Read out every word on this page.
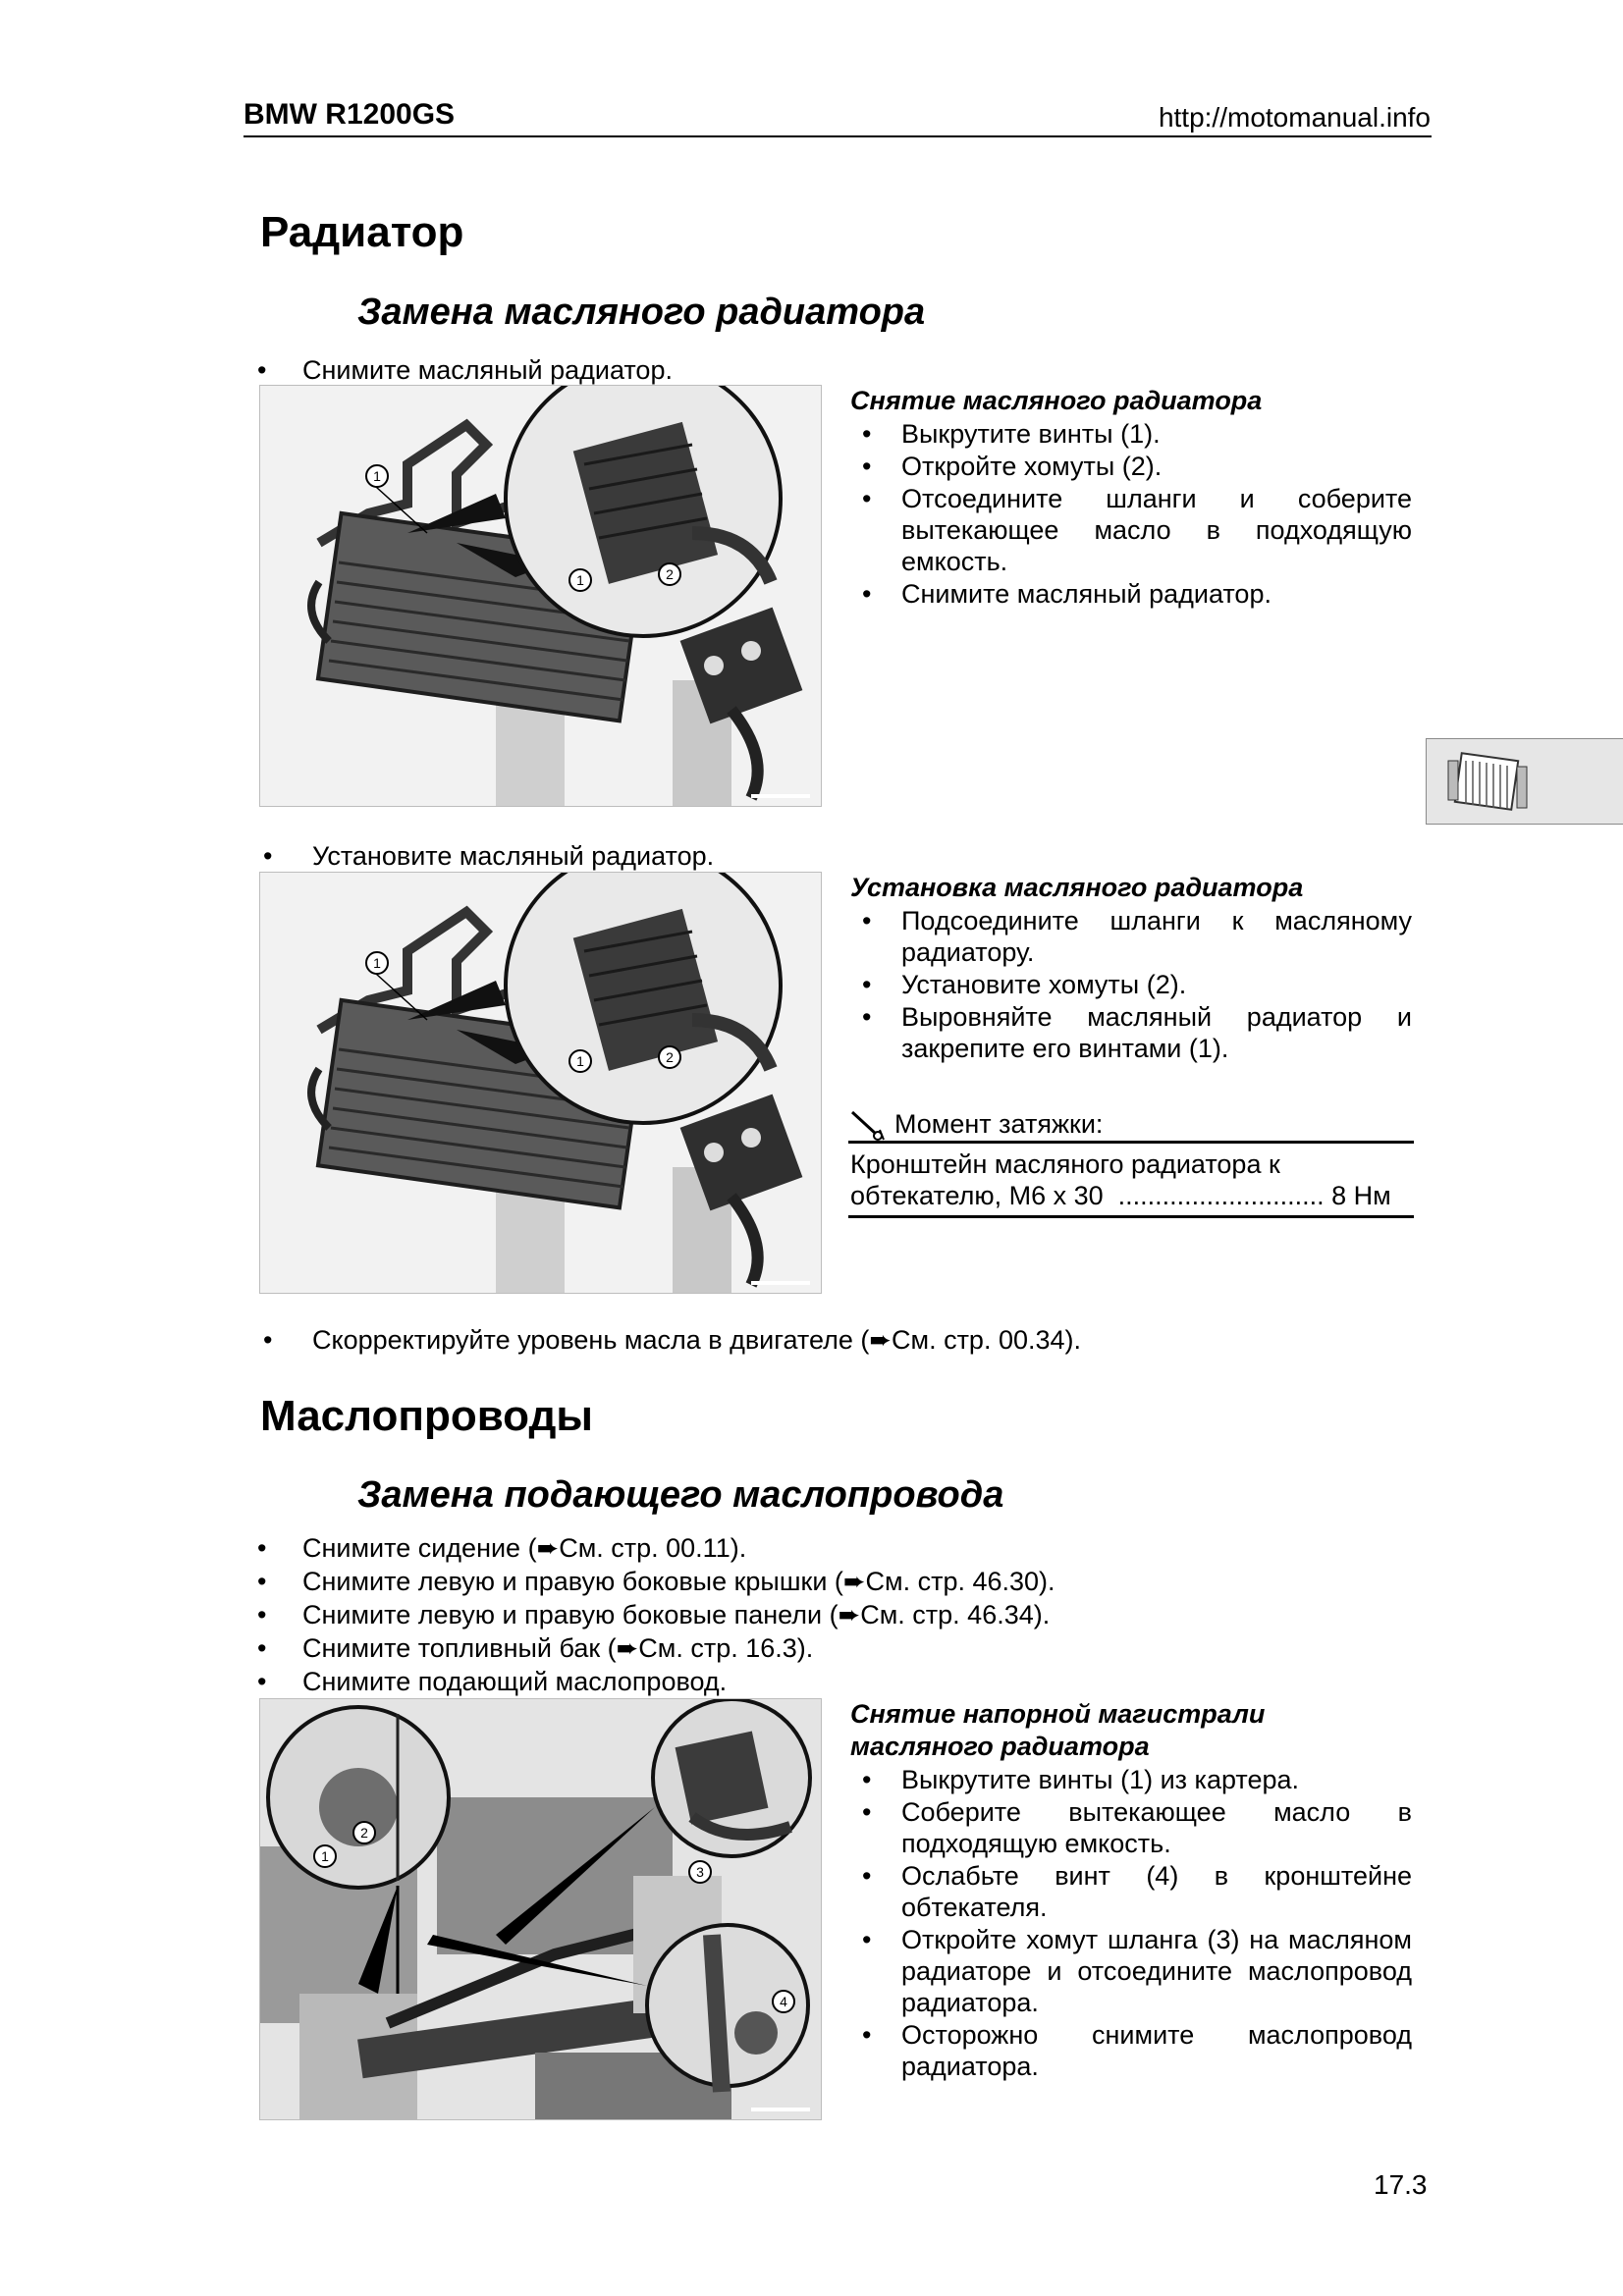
BMW R1200GS	http://motomanual.info
Радиатор
Замена масляного радиатора
• Снимите масляный радиатор.
1
1	2
Снятие масляного радиатора
• Выкрутите винты (1).
• Откройте хомуты (2).
• Отсоедините шланги и соберите вытекающее масло в подходящую емкость.
• Снимите масляный радиатор.
• Установите масляный радиатор.
1
1	2
Установка масляного радиатора
• Подсоедините шланги к масляному радиатору.
• Установите хомуты (2).
• Выровняйте масляный радиатор и закрепите его винтами (1).
Момент затяжки:
Кронштейн масляного радиатора к
обтекателю, M6 x 30  ............................ 8 Нм
• Скорректируйте уровень масла в двигателе (➨См. стр. 00.34).
Маслопроводы
Замена подающего маслопровода
• Снимите сидение (➨См. стр. 00.11).
• Снимите левую и правую боковые крышки (➨См. стр. 46.30).
• Снимите левую и правую боковые панели (➨См. стр. 46.34).
• Снимите топливный бак (➨См. стр. 16.3).
• Снимите подающий маслопровод.
1
2
3
4
Снятие напорной магистрали
масляного радиатора
• Выкрутите винты (1) из картера.
• Соберите вытекающее масло в подходящую емкость.
• Ослабьте винт (4) в кронштейне обтекателя.
• Откройте хомут шланга (3) на масляном радиаторе и отсоедините маслопровод радиатора.
• Осторожно снимите маслопровод радиатора.
17.3
